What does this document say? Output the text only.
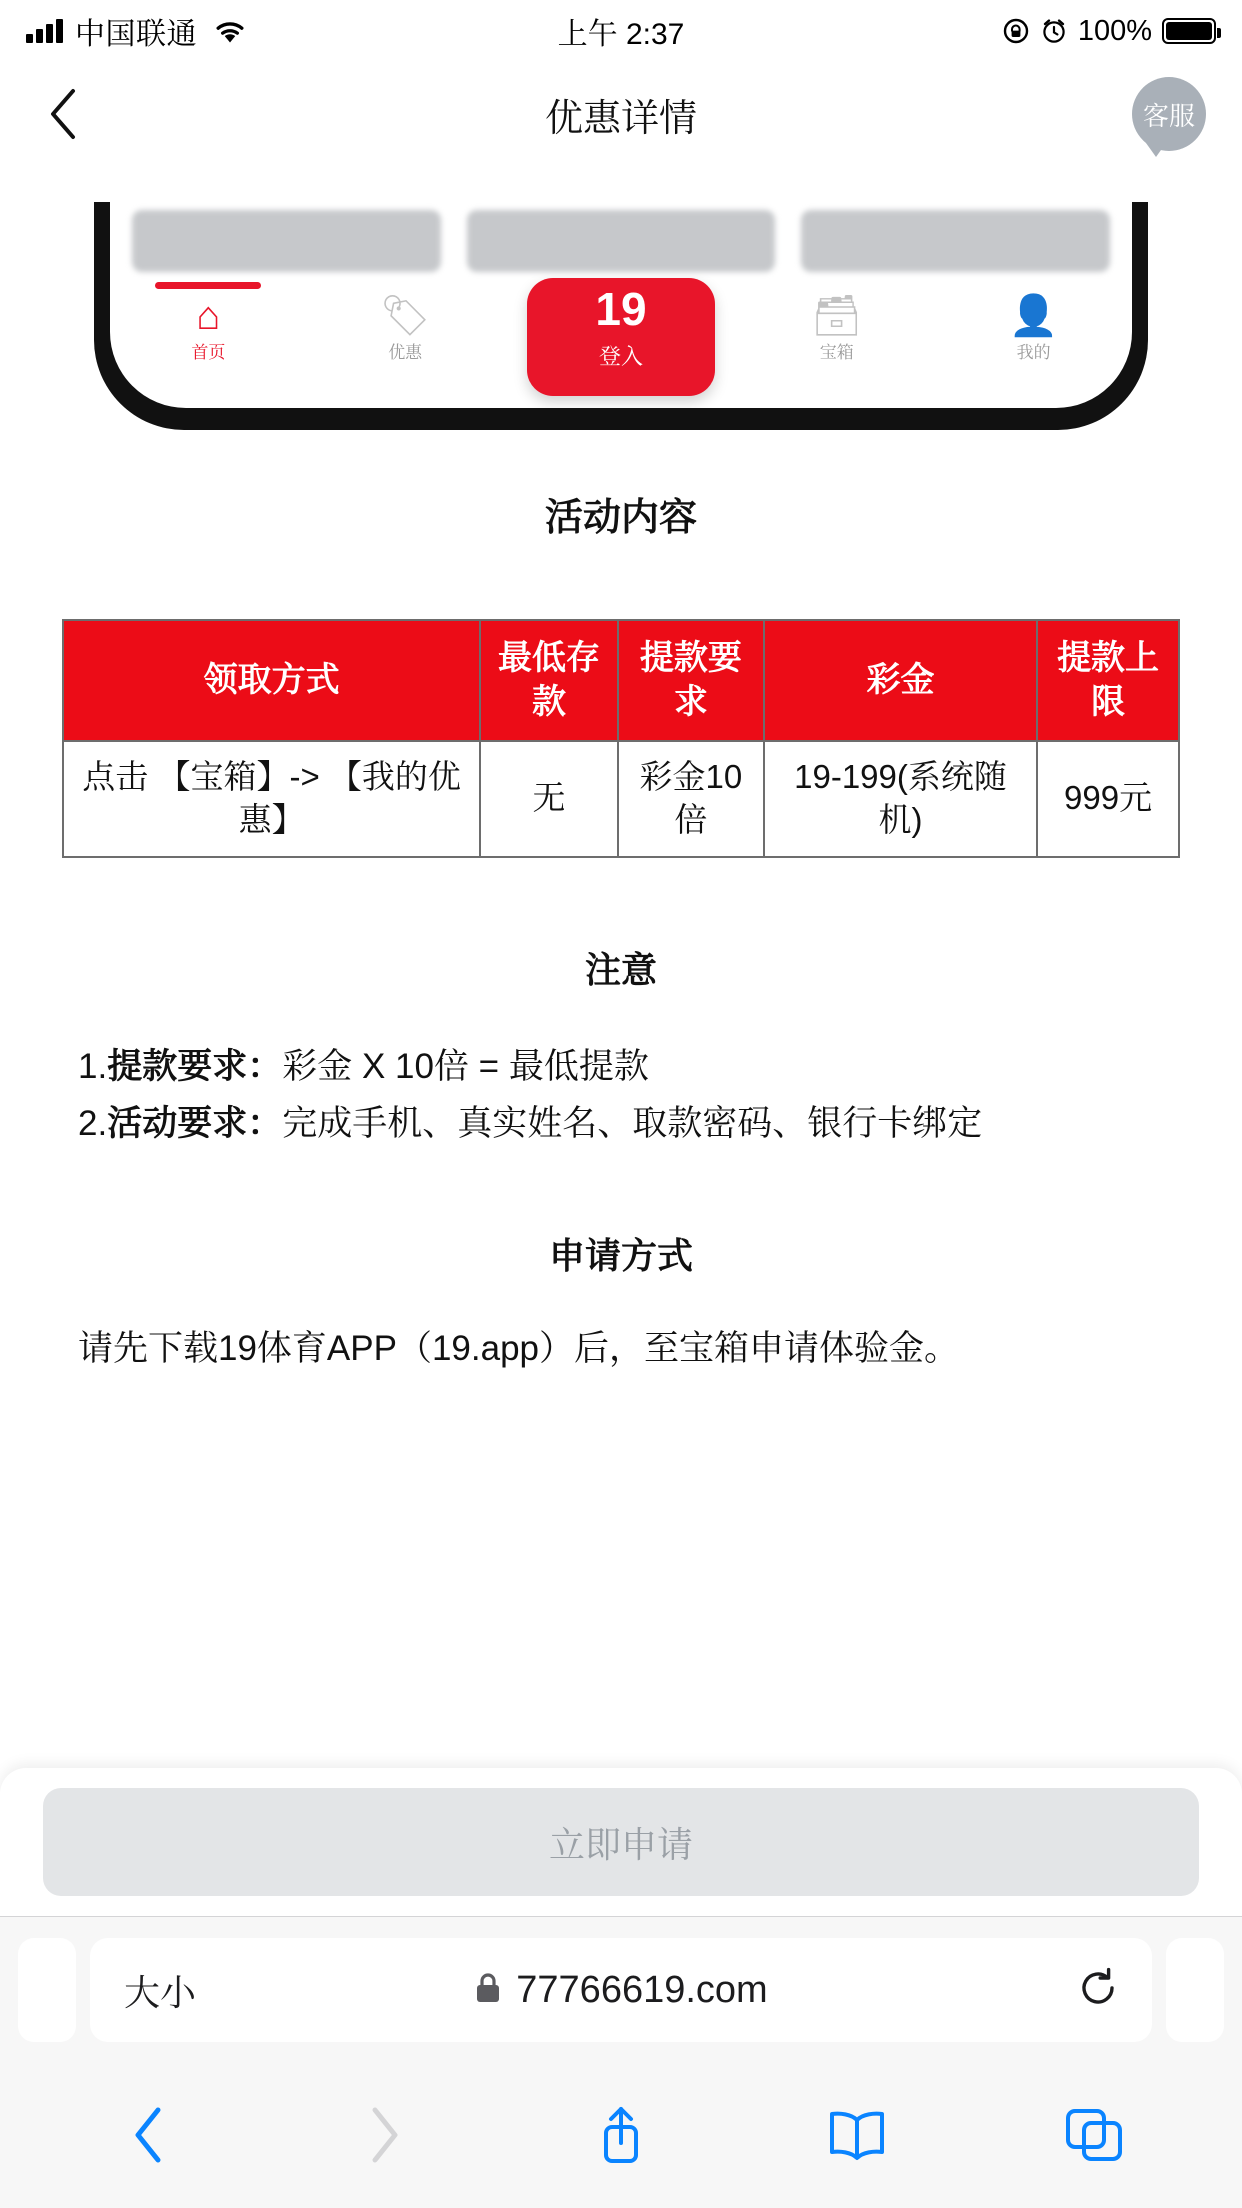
中国联通	上午 2:37	100%
优惠详情	客服
⌂
首页
🏷
优惠
19
登入
🗃
宝箱
👤
我的
活动内容
领取方式	最低存款	提款要求	彩金	提款上限
点击 【宝箱】-> 【我的优惠】	无	彩金10倍	19-199(系统随机)	999元
注意
1.提款要求：彩金 X 10倍 = 最低提款
2.活动要求：完成手机、真实姓名、取款密码、银行卡绑定
申请方式
请先下载19体育APP（19.app）后，至宝箱申请体验金。
立即申请
大小	77766619.com
